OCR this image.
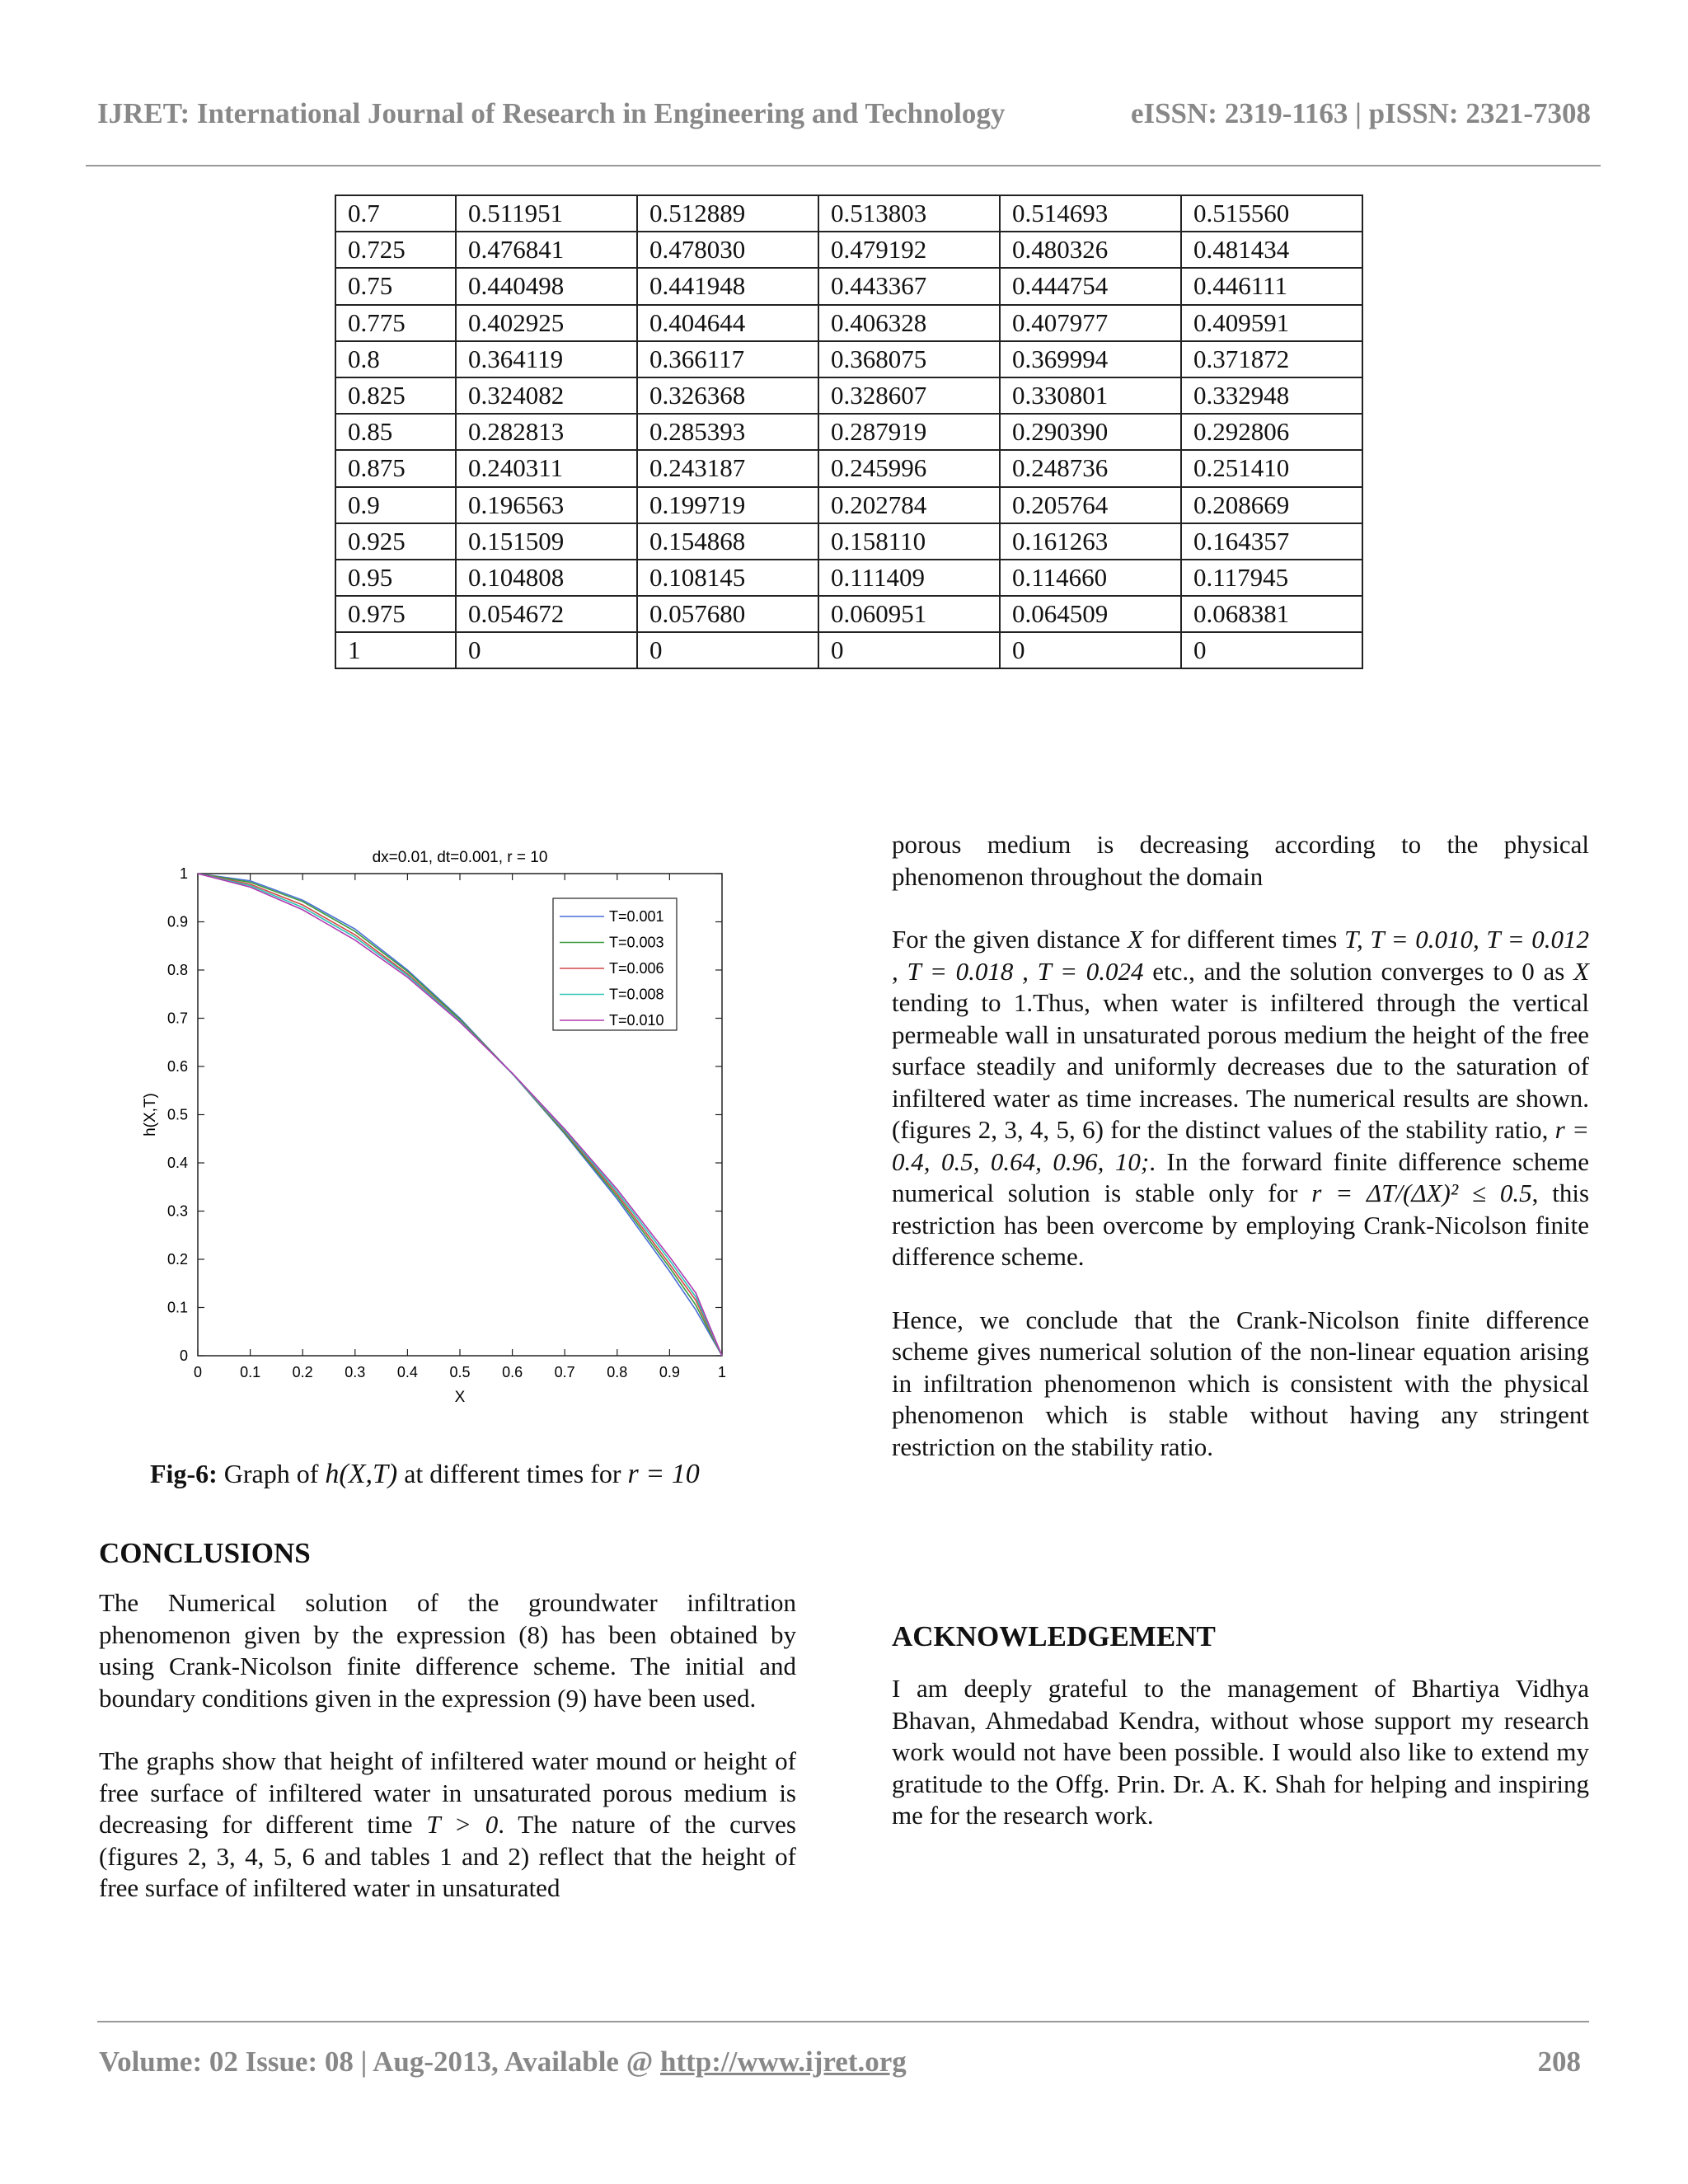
IJRET: International Journal of Research in Engineering and Technology	eISSN: 2319-1163 | pISSN: 2321-7308
0.7	0.511951	0.512889	0.513803	0.514693	0.515560
0.725	0.476841	0.478030	0.479192	0.480326	0.481434
0.75	0.440498	0.441948	0.443367	0.444754	0.446111
0.775	0.402925	0.404644	0.406328	0.407977	0.409591
0.8	0.364119	0.366117	0.368075	0.369994	0.371872
0.825	0.324082	0.326368	0.328607	0.330801	0.332948
0.85	0.282813	0.285393	0.287919	0.290390	0.292806
0.875	0.240311	0.243187	0.245996	0.248736	0.251410
0.9	0.196563	0.199719	0.202784	0.205764	0.208669
0.925	0.151509	0.154868	0.158110	0.161263	0.164357
0.95	0.104808	0.108145	0.111409	0.114660	0.117945
0.975	0.054672	0.057680	0.060951	0.064509	0.068381
1	0	0	0	0	0
dx=0.01, dt=0.001, r = 10
0	0.1 0.2 0.3 0.4 0.5 0.6 0.7 0.8 0.9	1
0
0.1
0.2
0.3
0.4
0.5
0.6
0.7
0.8
0.9
1
X
h(X,T)
T=0.001
T=0.003
T=0.006
T=0.008
T=0.010
Fig-6: Graph of h(X,T) at different times for r = 10
CONCLUSIONS

The Numerical solution of the groundwater infiltration phenomenon given by the expression (8) has been obtained by using Crank-Nicolson finite difference scheme. The initial and boundary conditions given in the expression (9) have been used.

The graphs show that height of infiltered water mound or height of free surface of infiltered water in unsaturated porous medium is decreasing for different time T > 0. The nature of the curves (figures 2, 3, 4, 5, 6 and tables 1 and 2) reflect that the height of free surface of infiltered water in unsaturated

porous medium is decreasing according to the physical phenomenon throughout the domain

For the given distance X for different times T, T = 0.010, T = 0.012 , T = 0.018 , T = 0.024 etc., and the solution converges to 0 as X tending to 1.Thus, when water is infiltered through the vertical permeable wall in unsaturated porous medium the height of the free surface steadily and uniformly decreases due to the saturation of infiltered water as time increases. The numerical results are shown. (figures 2, 3, 4, 5, 6) for the distinct values of the stability ratio, r = 0.4, 0.5, 0.64, 0.96, 10;. In the forward finite difference scheme numerical solution is stable only for r = ΔT/(ΔX)² ≤ 0.5, this restriction has been overcome by employing Crank-Nicolson finite difference scheme.

Hence, we conclude that the Crank-Nicolson finite difference scheme gives numerical solution of the non-linear equation arising in infiltration phenomenon which is consistent with the physical phenomenon which is stable without having any stringent restriction on the stability ratio.

ACKNOWLEDGEMENT

I am deeply grateful to the management of Bhartiya Vidhya Bhavan, Ahmedabad Kendra, without whose support my research work would not have been possible. I would also like to extend my gratitude to the Offg. Prin. Dr. A. K. Shah for helping and inspiring me for the research work.

Volume: 02 Issue: 08 | Aug-2013, Available @ http://www.ijret.org	208
